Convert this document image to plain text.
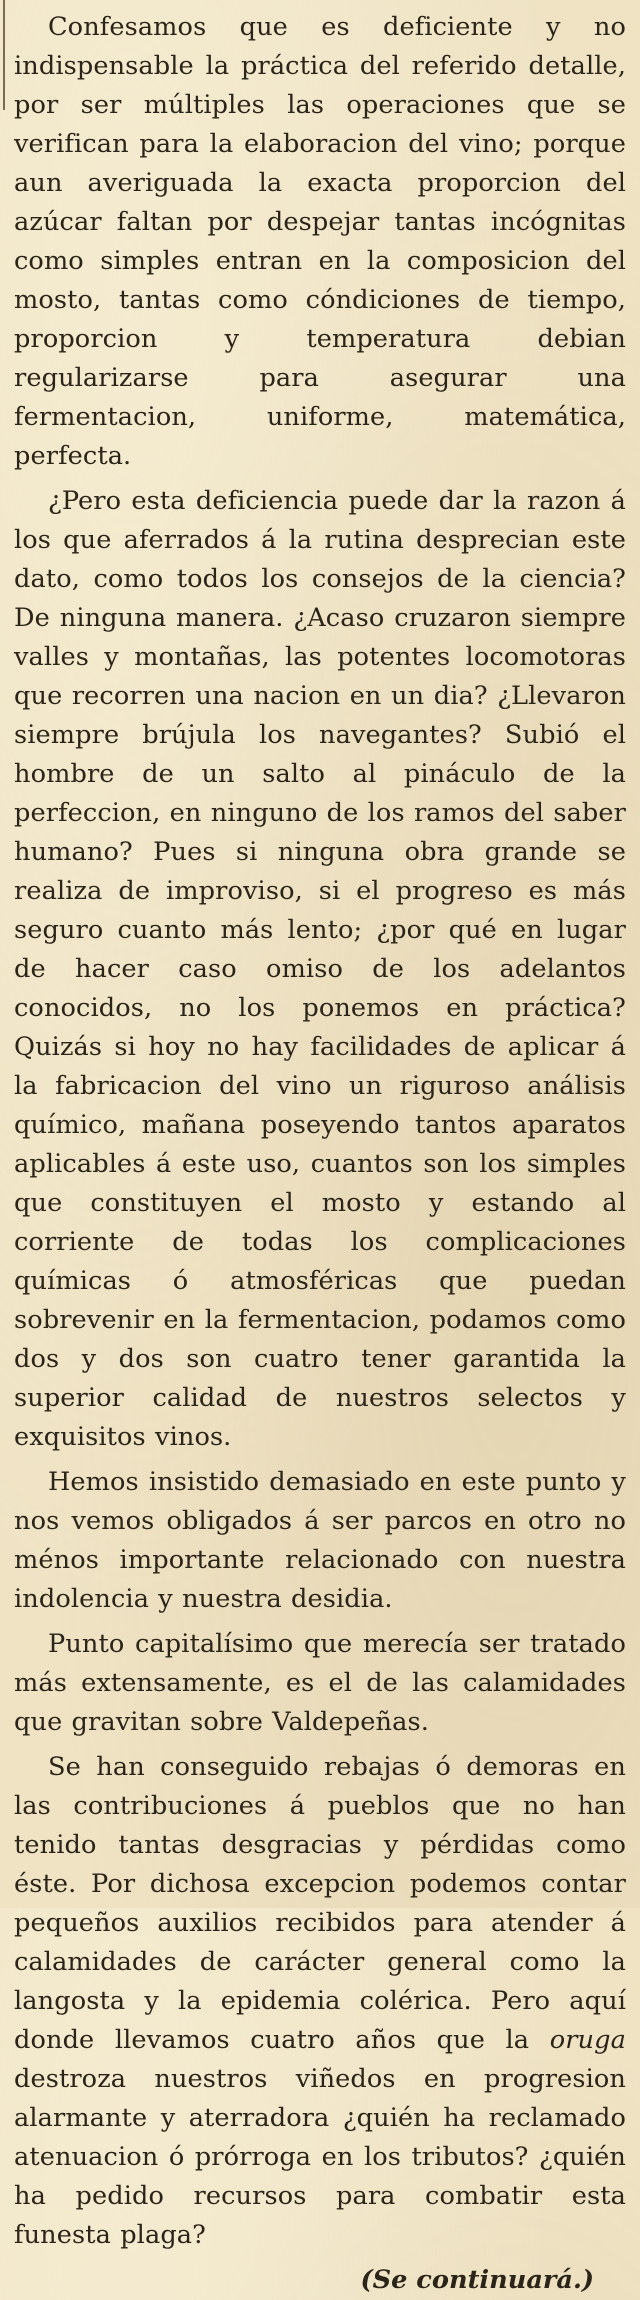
Confesamos que es deficiente y no indispensable la práctica del referido detalle, por ser múltiples las operaciones que se verifican para la elaboracion del vino; porque aun averiguada la exacta proporcion del azúcar faltan por despejar tantas incógnitas como simples entran en la composicion del mosto, tantas como cóndiciones de tiempo, proporcion y temperatura debian regularizarse para asegurar una fermentacion, uniforme, matemática, perfecta.

¿Pero esta deficiencia puede dar la razon á los que aferrados á la rutina desprecian este dato, como todos los consejos de la ciencia? De ninguna manera. ¿Acaso cruzaron siempre valles y montañas, las potentes locomotoras que recorren una nacion en un dia? ¿Llevaron siempre brújula los navegantes? Subió el hombre de un salto al pináculo de la perfeccion, en ninguno de los ramos del saber humano? Pues si ninguna obra grande se realiza de improviso, si el progreso es más seguro cuanto más lento; ¿por qué en lugar de hacer caso omiso de los adelantos conocidos, no los ponemos en práctica? Quizás si hoy no hay facilidades de aplicar á la fabricacion del vino un riguroso análisis químico, mañana poseyendo tantos aparatos aplicables á este uso, cuantos son los simples que constituyen el mosto y estando al corriente de todas los complicaciones químicas ó atmosféricas que puedan sobrevenir en la fermentacion, podamos como dos y dos son cuatro tener garantida la superior calidad de nuestros selectos y exquisitos vinos.

Hemos insistido demasiado en este punto y nos vemos obligados á ser parcos en otro no ménos importante relacionado con nuestra indolencia y nuestra desidia.

Punto capitalísimo que merecía ser tratado más extensamente, es el de las calamidades que gravitan sobre Valdepeñas.

Se han conseguido rebajas ó demoras en las contribuciones á pueblos que no han tenido tantas desgracias y pérdidas como éste. Por dichosa excepcion podemos contar pequeños auxilios recibidos para atender á calamidades de carácter general como la langosta y la epidemia colérica. Pero aquí donde llevamos cuatro años que la oruga destroza nuestros viñedos en progresion alarmante y aterradora ¿quién ha reclamado atenuacion ó prórroga en los tributos? ¿quién ha pedido recursos para combatir esta funesta plaga?

(Se continuará.)
